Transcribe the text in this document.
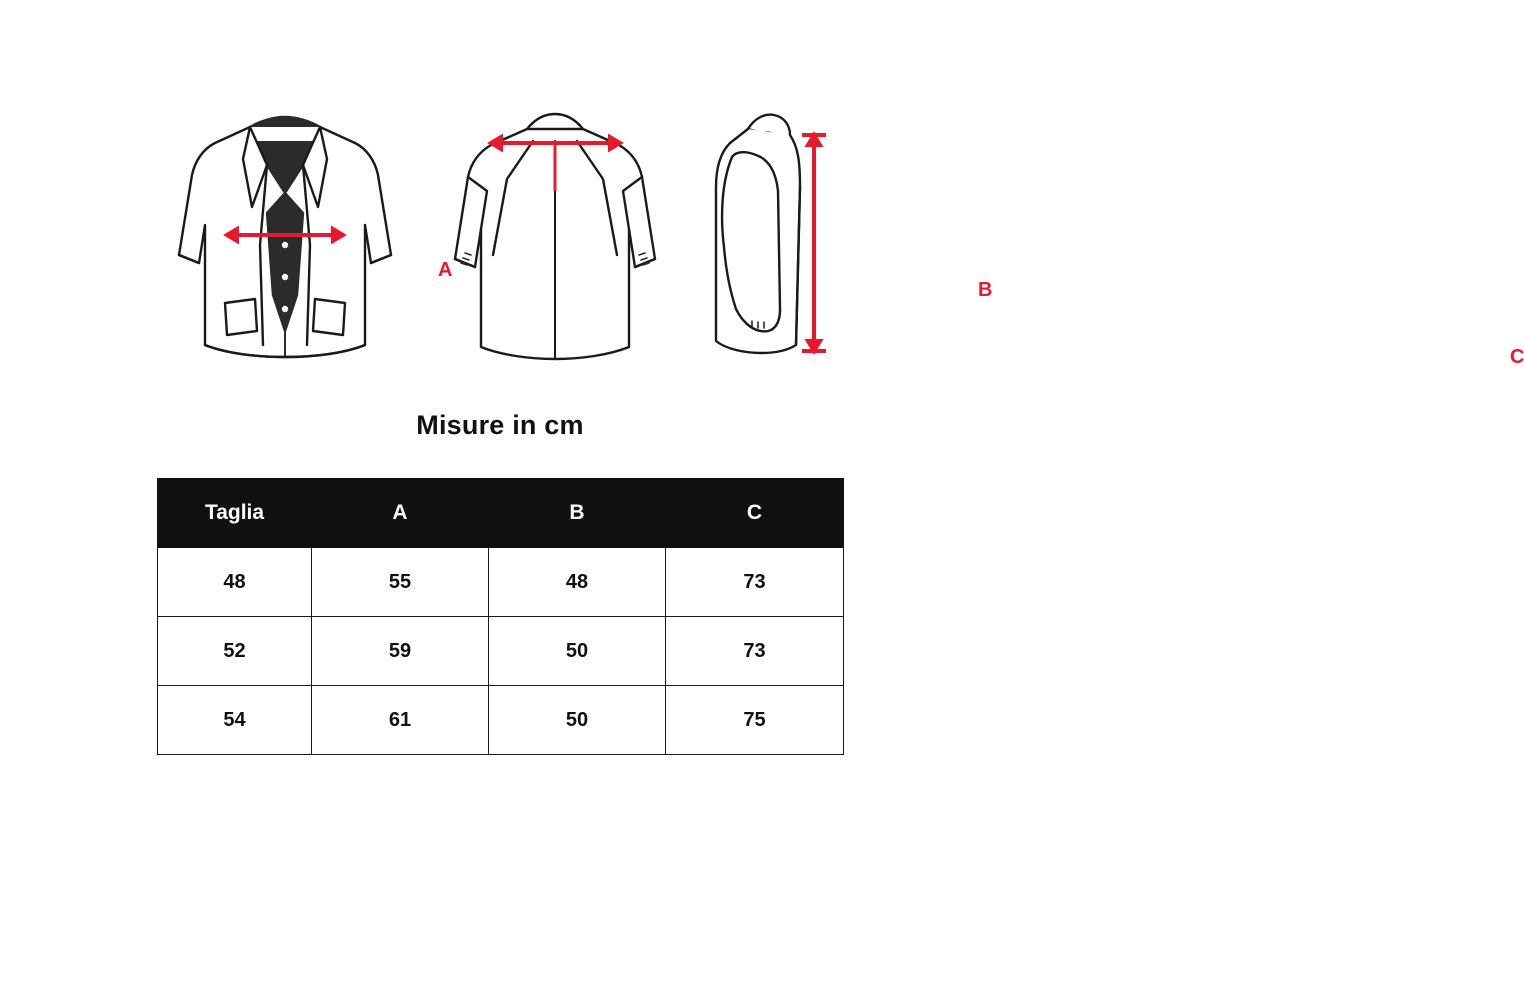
A
B
C
Misure in cm
Taglia	A	B	C
48	55	48	73
52	59	50	73
54	61	50	75
